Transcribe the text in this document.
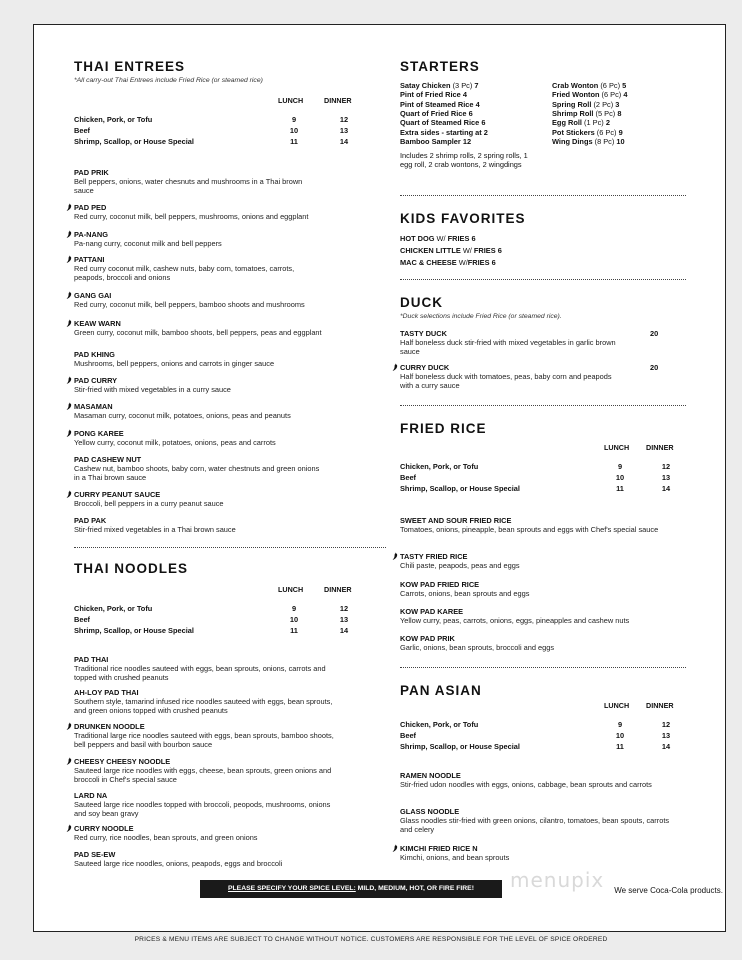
THAI ENTREES
*All carry-out Thai Entrees include Fried Rice (or steamed rice)
LUNCH	DINNER
Chicken, Pork, or Tofu	9	12
Beef	10	13
Shrimp, Scallop, or House Special	11	14
PAD PRIK
Bell peppers, onions, water chesnuts and mushrooms in a Thai brown sauce
PAD PED
Red curry, coconut milk, bell peppers, mushrooms, onions and eggplant
PA-NANG
Pa-nang curry, coconut milk and bell peppers
PATTANI
Red curry coconut milk, cashew nuts, baby corn, tomatoes, carrots, peapods, broccoli and onions
GANG GAI
Red curry, coconut milk, bell peppers, bamboo shoots and mushrooms
KEAW WARN
Green curry, coconut milk, bamboo shoots, bell peppers, peas and eggplant
PAD KHING
Mushrooms, bell peppers, onions and carrots in ginger sauce
PAD CURRY
Stir-fried with mixed vegetables in a curry sauce
MASAMAN
Masaman curry, coconut milk, potatoes, onions, peas and peanuts
PONG KAREE
Yellow curry, coconut milk, potatoes, onions, peas and carrots
PAD CASHEW NUT
Cashew nut, bamboo shoots, baby corn, water chestnuts and green onions in a Thai brown sauce
CURRY PEANUT SAUCE
Broccoli, bell peppers in a curry peanut sauce
PAD PAK
Stir-fried mixed vegetables in a Thai brown sauce
THAI NOODLES
LUNCH	DINNER
Chicken, Pork, or Tofu	9	12
Beef	10	13
Shrimp, Scallop, or House Special	11	14
PAD THAI
Traditional rice noodles sauteed with eggs, bean sprouts, onions, carrots and topped with crushed peanuts
AH-LOY PAD THAI
Southern style, tamarind infused rice noodles sauteed with eggs, bean sprouts, and green onions topped with crushed peanuts
DRUNKEN NOODLE
Traditional large rice noodles sauteed with eggs, bean sprouts, bamboo shoots, bell peppers and basil with bourbon sauce
CHEESY CHEESY NOODLE
Sauteed large rice noodles with eggs, cheese, bean sprouts, green onions and broccoli in Chef's special sauce
LARD NA
Sauteed large rice noodles topped with broccoli, peopods, mushrooms, onions and soy bean gravy
CURRY NOODLE
Red curry, rice noodles, bean sprouts, and green onions
PAD SE-EW
Sauteed large rice noodles, onions, peapods, eggs and broccoli
STARTERS
Satay Chicken (3 Pc) 7
Pint of Fried Rice 4
Pint of Steamed Rice 4
Quart of Fried Rice 6
Quart of Steamed Rice 6
Extra sides - starting at 2
Bamboo Sampler 12
Crab Wonton (6 Pc) 5
Fried Wonton (6 Pc) 4
Spring Roll (2 Pc) 3
Shrimp Roll (5 Pc) 8
Egg Roll (1 Pc) 2
Pot Stickers (6 Pc) 9
Wing Dings (8 Pc) 10
Includes 2 shrimp rolls, 2 spring rolls, 1 egg roll, 2 crab wontons, 2 wingdings
KIDS FAVORITES
HOT DOG W/ FRIES 6
CHICKEN LITTLE W/ FRIES 6
MAC & CHEESE W/FRIES 6
DUCK
*Duck selections include Fried Rice (or steamed rice).
TASTY DUCK
Half boneless duck stir-fried with mixed vegetables in garlic brown sauce
20
CURRY DUCK
Half boneless duck with tomatoes, peas, baby corn and peapods with a curry sauce
20
FRIED RICE
LUNCH DINNER
Chicken, Pork, or Tofu	9	12
Beef	10	13
Shrimp, Scallop, or House Special	11	14
SWEET AND SOUR FRIED RICE
Tomatoes, onions, pineapple, bean sprouts and eggs with Chef's special sauce
TASTY FRIED RICE
Chili paste, peapods, peas and eggs
KOW PAD FRIED RICE
Carrots, onions, bean sprouts and eggs
KOW PAD KAREE
Yellow curry, peas, carrots, onions, eggs, pineapples and cashew nuts
KOW PAD PRIK
Garlic, onions, bean sprouts, broccoli and eggs
PAN ASIAN
LUNCH DINNER
Chicken, Pork, or Tofu	9	12
Beef	10	13
Shrimp, Scallop, or House Special	11	14
RAMEN NOODLE
Stir-fried udon noodles with eggs, onions, cabbage, bean sprouts and carrots
GLASS NOODLE
Glass noodles stir-fried with green onions, cilantro, tomatoes, bean spouts, carrots and celery
KIMCHI FRIED RICE N
Kimchi, onions, and bean sprouts
menupix
PLEASE SPECIFY YOUR SPICE LEVEL: MILD, MEDIUM, HOT, OR FIRE FIRE!	We serve Coca-Cola products.
PRICES & MENU ITEMS ARE SUBJECT TO CHANGE WITHOUT NOTICE. CUSTOMERS ARE RESPONSIBLE FOR THE LEVEL OF SPICE ORDERED
